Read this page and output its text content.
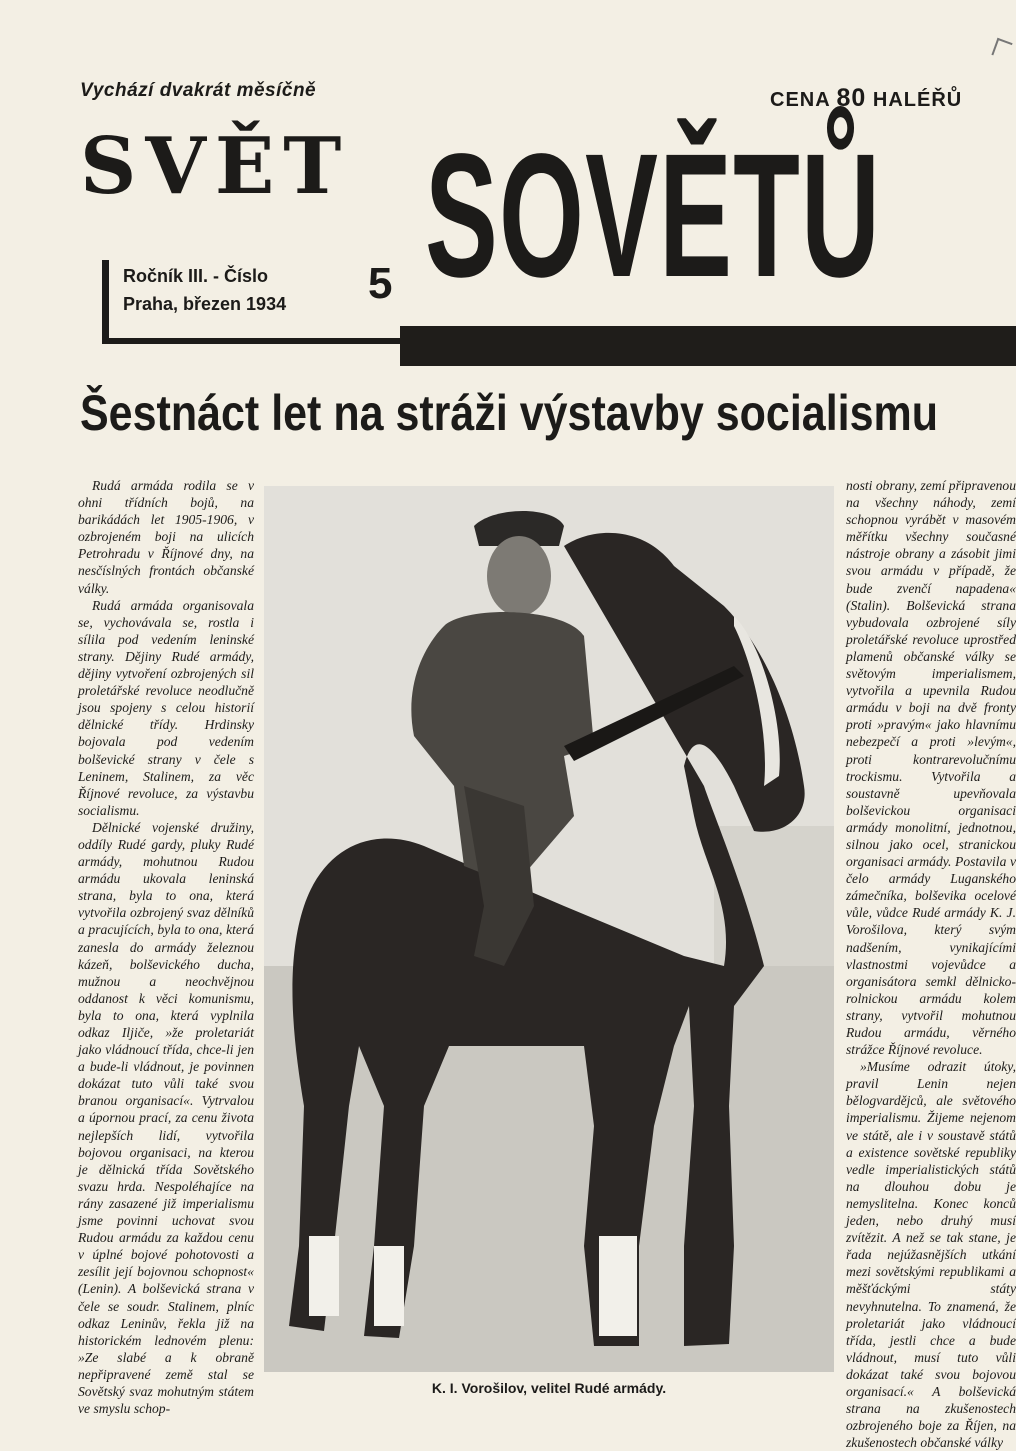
Vychází dvakrát měsíčně	CENA 80 HALÉŘŮ
SVĚT SOVĚTŮ
Ročník III. - Číslo
Praha, březen 1934	5
Šestnáct let na stráži výstavby socialismu

Rudá armáda rodila se v ohni třídních bojů, na barikádách let 1905-1906, v ozbrojeném boji na ulicích Petrohradu v Říjnové dny, na nesčíslných frontách občanské války.

Rudá armáda organisovala se, vychovávala se, rostla i sílila pod vedením leninské strany. Dějiny Rudé armády, dějiny vytvoření ozbrojených sil proletářské revoluce neodlučně jsou spojeny s celou historií dělnické třídy. Hrdinsky bojovala pod vedením bolševické strany v čele s Leninem, Stalinem, za věc Říjnové revoluce, za výstavbu socialismu.

Dělnické vojenské družiny, oddíly Rudé gardy, pluky Rudé armády, mohutnou Rudou armádu ukovala leninská strana, byla to ona, která vytvořila ozbrojený svaz dělníků a pracujících, byla to ona, která zanesla do armády železnou kázeň, bolševického ducha, mužnou a neochvějnou oddanost k věci komunismu, byla to ona, která vyplnila odkaz Iljiče, »že proletariát jako vládnoucí třída, chce-li jen a bude-li vládnout, je povinnen dokázat tuto vůli také svou branou organisací«. Vytrvalou a úpornou prací, za cenu života nejlepších lidí, vytvořila bojovou organisaci, na kterou je dělnická třída Sovětského svazu hrda. Nespoléhajíce na rány zasazené již imperialismu jsme povinni uchovat svou Rudou armádu za každou cenu v úplné bojové pohotovosti a zesílit její bojovnou schopnost« (Lenin). A bolševická strana v čele se soudr. Stalinem, plníc odkaz Leninův, řekla již na historickém lednovém plenu: »Ze slabé a k obraně nepřipravené země stal se Sovětský svaz mohutným státem ve smyslu schop-

K. I. Vorošilov, velitel Rudé armády.

nosti obrany, zemí připravenou na všechny náhody, zemí schopnou vyrábět v masovém měřítku všechny současné nástroje obrany a zásobit jimi svou armádu v případě, že bude zvenčí napadena« (Stalin). Bolševická strana vybudovala ozbrojené síly proletářské revoluce uprostřed plamenů občanské války se světovým imperialismem, vytvořila a upevnila Rudou armádu v boji na dvě fronty proti »pravým« jako hlavnímu nebezpečí a proti »levým«, proti kontrarevolučnímu trockismu. Vytvořila a soustavně upevňovala bolševickou organisaci armády monolitní, jednotnou, silnou jako ocel, stranickou organisaci armády. Postavila v čelo armády Luganského zámečníka, bolševika ocelové vůle, vůdce Rudé armády K. J. Vorošilova, který svým nadšením, vynikajícími vlastnostmi vojevůdce a organisátora semkl dělnicko-rolnickou armádu kolem strany, vytvořil mohutnou Rudou armádu, věrného strážce Říjnové revoluce.

»Musíme odrazit útoky, pravil Lenin nejen bělogvardějců, ale světového imperialismu. Žijeme nejenom ve státě, ale i v soustavě států a existence sovětské republiky vedle imperialistických států na dlouhou dobu je nemyslitelna. Konec konců jeden, nebo druhý musí zvítězit. A než se tak stane, je řada nejúžasnějších utkání mezi sovětskými republikami a měšťáckými státy nevyhnutelna. To znamená, že proletariát jako vládnoucí třída, jestli chce a bude vládnout, musí tuto vůli dokázat také svou bojovou organisací.« A bolševická strana na zkušenostech ozbrojeného boje za Říjen, na zkušenostech občanské války
